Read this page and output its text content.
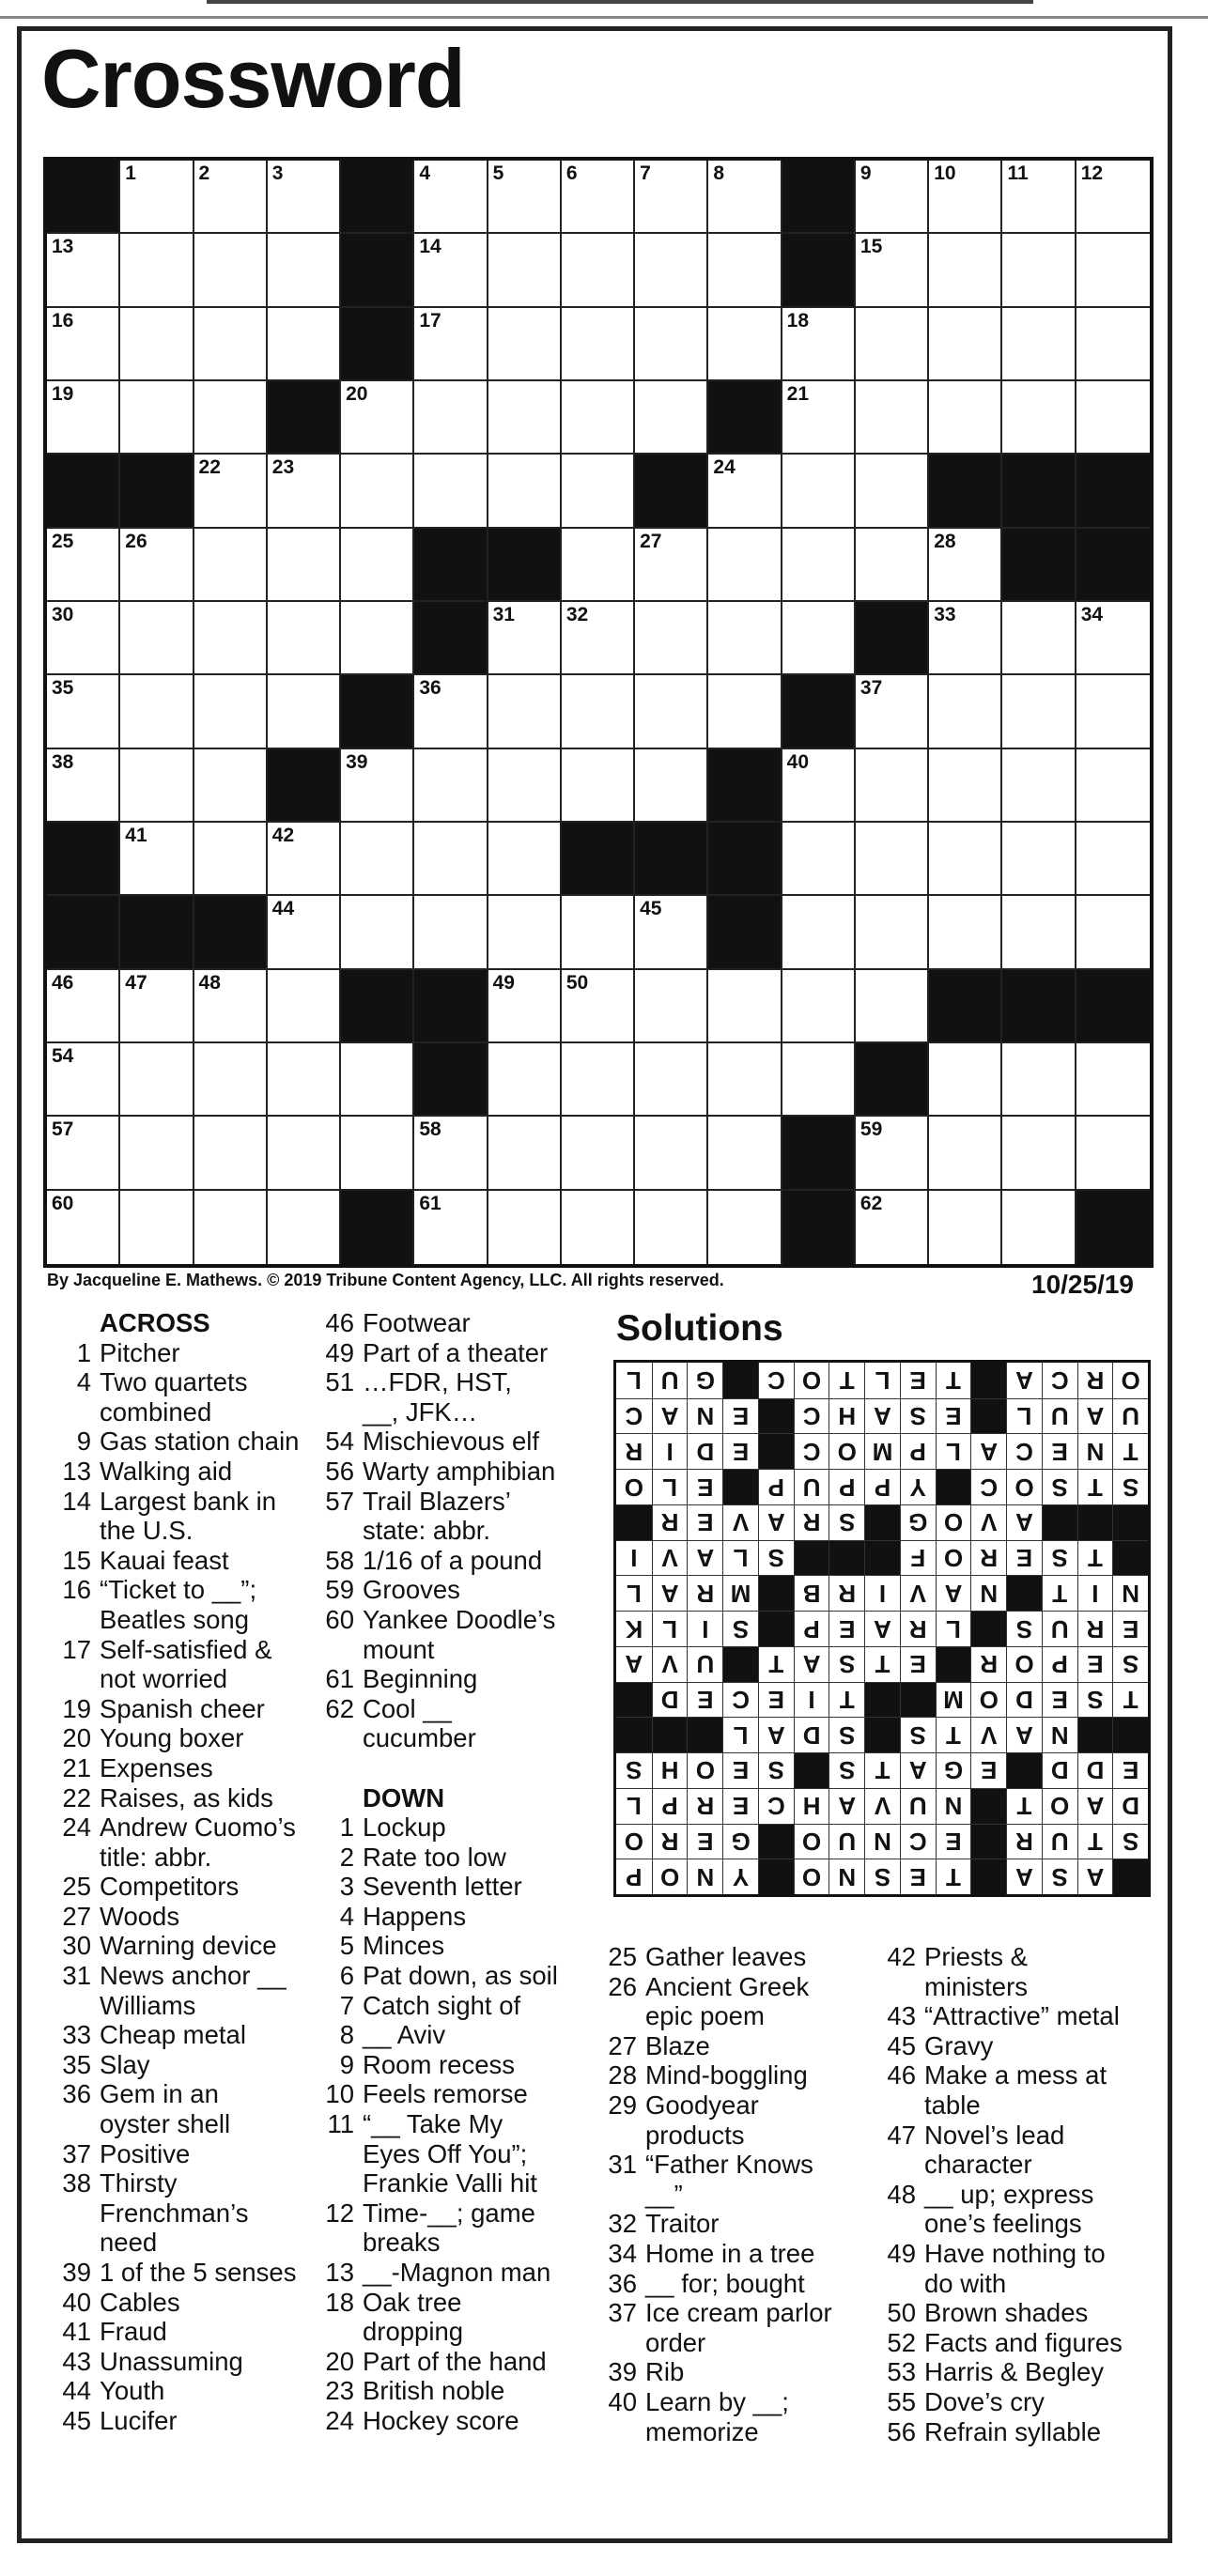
Crossword
1	2	3	4	5	6	7	8	9	10	11	12
13	14	15
16	17	18
19	20	21
22	23	24
25	26	27	28	29
30	31	32	33	34
35	36	37
38	39	40
41	42	43
44	45
46	47	48	49	50	51	52	53
54	55	56
57	58	59
60	61	62
By Jacqueline E. Mathews. © 2019 Tribune Content Agency, LLC. All rights reserved.	10/25/19
ACROSS
1 Pitcher
4 Two quartets
combined
9 Gas station chain
13 Walking aid
14 Largest bank in
the U.S.
15 Kauai feast
16 “Ticket to __”;
Beatles song
17 Self-satisfied &
not worried
19 Spanish cheer
20 Young boxer
21 Expenses
22 Raises, as kids
24 Andrew Cuomo’s
title: abbr.
25 Competitors
27 Woods
30 Warning device
31 News anchor __
Williams
33 Cheap metal
35 Slay
36 Gem in an
oyster shell
37 Positive
38 Thirsty
Frenchman’s
need
39 1 of the 5 senses
40 Cables
41 Fraud
43 Unassuming
44 Youth
45 Lucifer
46 Footwear
49 Part of a theater
51 …FDR, HST,
__, JFK…
54 Mischievous elf
56 Warty amphibian
57 Trail Blazers’
state: abbr.
58 1/16 of a pound
59 Grooves
60 Yankee Doodle’s
mount
61 Beginning
62 Cool __
cucumber
DOWN
1 Lockup
2 Rate too low
3 Seventh letter
4 Happens
5 Minces
6 Pat down, as soil
7 Catch sight of
8 __ Aviv
9 Room recess
10 Feels remorse
11 “__ Take My
Eyes Off You”;
Frankie Valli hit
12 Time-__; game
breaks
13 __-Magnon man
18 Oak tree
dropping
20 Part of the hand
23 British noble
24 Hockey score
Solutions
A
S
A
T
E
S
N
O
Y
N
O
P
S
T
U
R
E
C
N
U
O
G
E
R
O
D
A
O
T
N
U
V
A
H
C
E
R
P
L
E
D
D
E
G
A
T
S
S
E
O
H
S
N
A
V
T
S
S
D
A
L
T
S
E
D
O
M
T
I
E
C
E
D
S
E
P
O
R
E
T
S
A
T
U
V
A
E
R
U
S
L
R
A
E
P
S
I
L
K
N
I
T
N
A
V
I
R
B
M
R
A
L
T
S
E
R
O
F
S
L
A
V
I
A
V
O
G
S
R
A
V
E
R
S
T
S
O
C
Y
P
P
U
P
E
L
O
T
N
E
C
A
L
P
M
O
C
E
D
I
R
U
A
U
L
E
S
A
H
C
E
N
A
C
O
R
C
A
T
E
L
T
O
C
G
U
L
25 Gather leaves
26 Ancient Greek
epic poem
27 Blaze
28 Mind-boggling
29 Goodyear
products
31 “Father Knows
__”
32 Traitor
34 Home in a tree
36 __ for; bought
37 Ice cream parlor
order
39 Rib
40 Learn by __;
memorize
42 Priests &
ministers
43 “Attractive” metal
45 Gravy
46 Make a mess at
table
47 Novel’s lead
character
48 __ up; express
one’s feelings
49 Have nothing to
do with
50 Brown shades
52 Facts and figures
53 Harris & Begley
55 Dove’s cry
56 Refrain syllable
